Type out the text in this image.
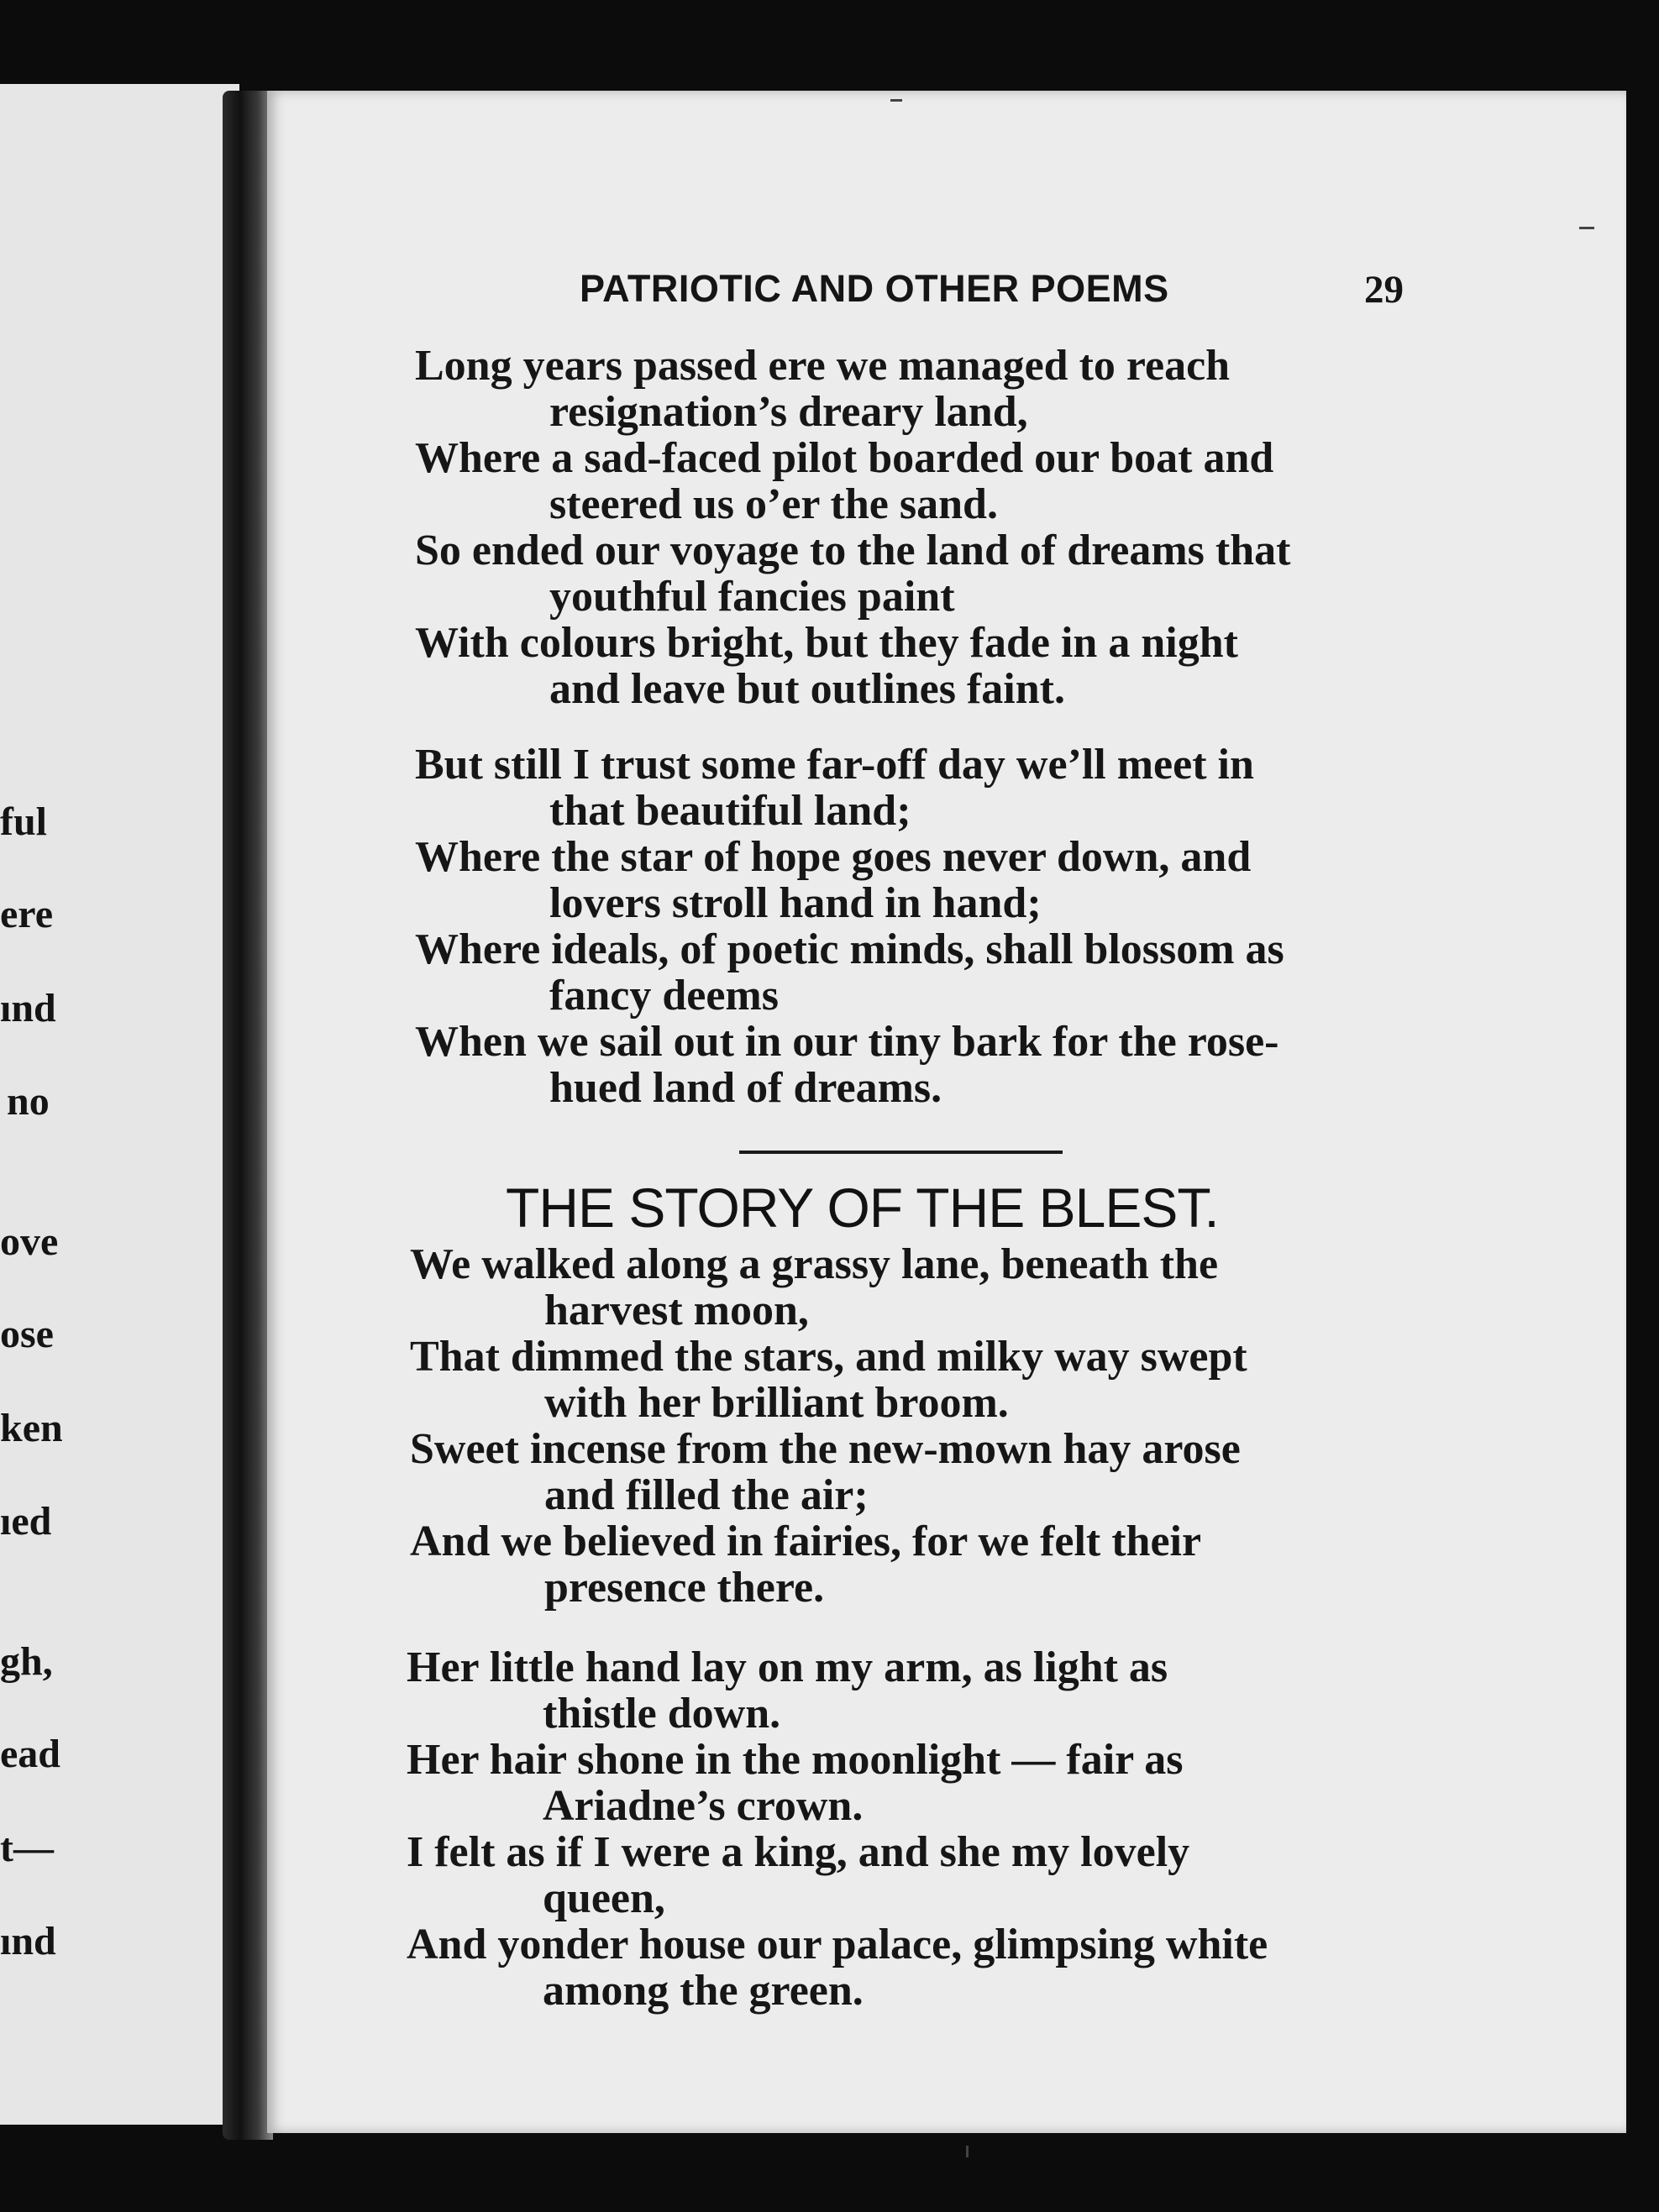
ful
ere
ınd
no
ove
ose
ken
ıed
gh,
ead
t—
ınd
PATRIOTIC AND OTHER POEMS	29
Long years passed ere we managed to reach
resignation’s dreary land,
Where a sad-faced pilot boarded our boat and
steered us o’er the sand.
So ended our voyage to the land of dreams that
youthful fancies paint
With colours bright, but they fade in a night
and leave but outlines faint.
But still I trust some far-off day we’ll meet in
that beautiful land;
Where the star of hope goes never down, and
lovers stroll hand in hand;
Where ideals, of poetic minds, shall blossom as
fancy deems
When we sail out in our tiny bark for the rose-
hued land of dreams.
THE STORY OF THE BLEST.
We walked along a grassy lane, beneath the
harvest moon,
That dimmed the stars, and milky way swept
with her brilliant broom.
Sweet incense from the new-mown hay arose
and filled the air;
And we believed in fairies, for we felt their
presence there.
Her little hand lay on my arm, as light as
thistle down.
Her hair shone in the moonlight — fair as
Ariadne’s crown.
I felt as if I were a king, and she my lovely
queen,
And yonder house our palace, glimpsing white
among the green.
